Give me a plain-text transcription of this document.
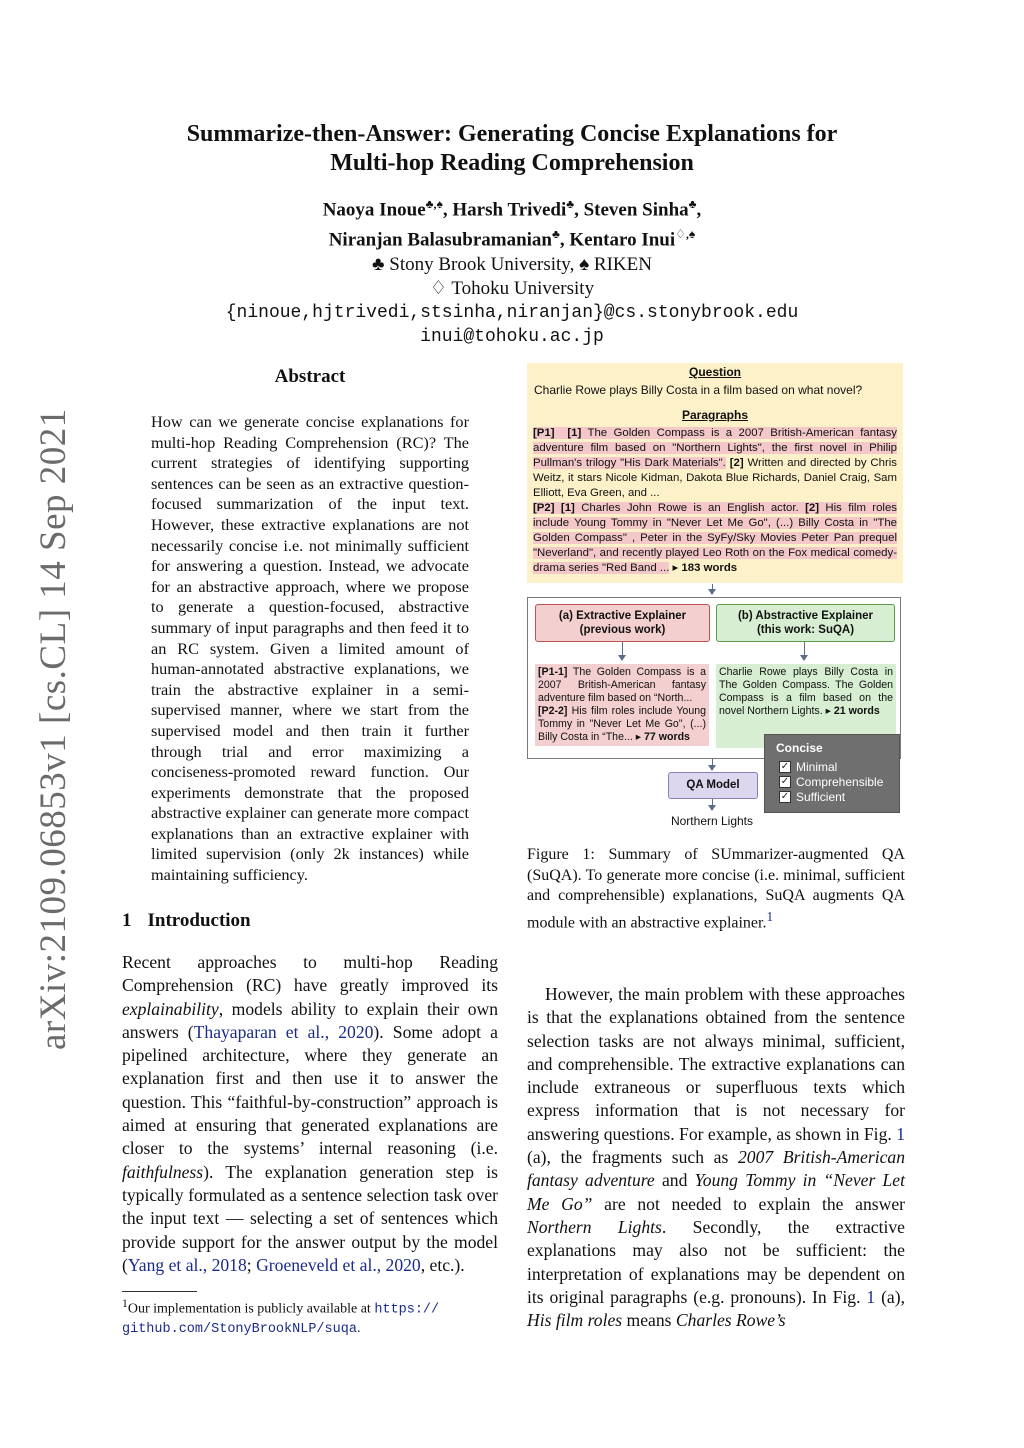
arXiv:2109.06853v1 [cs.CL] 14 Sep 2021
Summarize-then-Answer: Generating Concise Explanations for
Multi-hop Reading Comprehension
Naoya Inoue♣,♠, Harsh Trivedi♣, Steven Sinha♣,
Niranjan Balasubramanian♣, Kentaro Inui♢,♠
♣ Stony Brook University, ♠ RIKEN
♢ Tohoku University
{ninoue,hjtrivedi,stsinha,niranjan}@cs.stonybrook.edu
inui@tohoku.ac.jp
Abstract
How can we generate concise explanations for multi-hop Reading Comprehension (RC)? The current strategies of identifying supporting sentences can be seen as an extractive question-focused summarization of the input text. However, these extractive explanations are not necessarily concise i.e. not minimally sufficient for answering a question. Instead, we advocate for an abstractive approach, where we propose to generate a question-focused, abstractive summary of input paragraphs and then feed it to an RC system. Given a limited amount of human-annotated abstractive explanations, we train the abstractive explainer in a semi-supervised manner, where we start from the supervised model and then train it further through trial and error maximizing a conciseness-promoted reward function. Our experiments demonstrate that the proposed abstractive explainer can generate more compact explanations than an extractive explainer with limited supervision (only 2k instances) while maintaining sufficiency.
1 Introduction
Recent approaches to multi-hop Reading Comprehension (RC) have greatly improved its explainability, models ability to explain their own answers (Thayaparan et al., 2020). Some adopt a pipelined architecture, where they generate an explanation first and then use it to answer the question. This “faithful-by-construction” approach is aimed at ensuring that generated explanations are closer to the systems’ internal reasoning (i.e. faithfulness). The explanation generation step is typically formulated as a sentence selection task over the input text — selecting a set of sentences which provide support for the answer output by the model (Yang et al., 2018; Groeneveld et al., 2020, etc.).
$^1$Our implementation is publicly available at https://
github.com/StonyBrookNLP/suqa.
However, the main problem with these approaches is that the explanations obtained from the sentence selection tasks are not always minimal, sufficient, and comprehensible. The extractive explanations can include extraneous or superfluous texts which express information that is not necessary for answering questions. For example, as shown in Fig. 1 (a), the fragments such as 2007 British-American fantasy adventure and Young Tommy in “Never Let Me Go” are not needed to explain the answer Northern Lights. Secondly, the extractive explanations may also not be sufficient: the interpretation of explanations may be dependent on its original paragraphs (e.g. pronouns). In Fig. 1 (a), His film roles means Charles Rowe’s
Figure 1: Summary of SUmmarizer-augmented QA (SuQA). To generate more concise (i.e. minimal, sufficient and comprehensible) explanations, SuQA augments QA module with an abstractive explainer.$^1$
Question
Charlie Rowe plays Billy Costa in a film based on what novel?
Paragraphs
[P1] [1] The Golden Compass is a 2007 British-American fantasy adventure film based on "Northern Lights", the first novel in Philip Pullman's trilogy "His Dark Materials". [2] Written and directed by Chris Weitz, it stars Nicole Kidman, Dakota Blue Richards, Daniel Craig, Sam Elliott, Eva Green, and ...
[P2] [1] Charles John Rowe is an English actor. [2] His film roles include Young Tommy in "Never Let Me Go", (...) Billy Costa in "The Golden Compass" , Peter in the SyFy/Sky Movies Peter Pan prequel "Neverland", and recently played Leo Roth on the Fox medical comedy-drama series "Red Band ... ▸ 183 words
(a) Extractive Explainer
(previous work)
(b) Abstractive Explainer
(this work: SuQA)
[P1-1] The Golden Compass is a 2007 British-American fantasy adventure film based on “North...
[P2-2] His film roles include Young Tommy in "Never Let Me Go", (...) Billy Costa in “The... ▸ 77 words
Charlie Rowe plays Billy Costa in The Golden Compass. The Golden Compass is a film based on the novel Northern Lights. ▸ 21 words
Concise
✓ Minimal
✓ Comprehensible
✓ Sufficient
QA Model
Northern Lights
